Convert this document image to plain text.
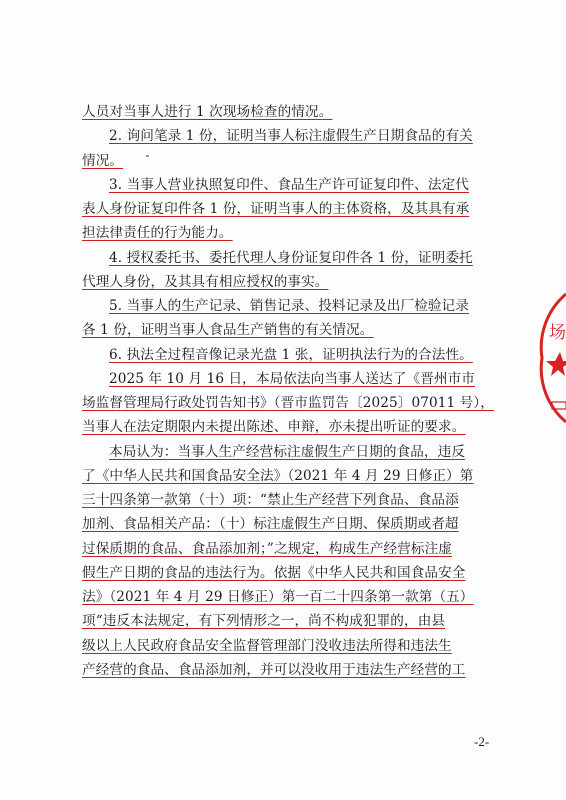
人员对当事人进行 1 次现场检查的情况。
2. 询问笔录 1 份，证明当事人标注虚假生产日期食品的有关
情况。
3. 当事人营业执照复印件、食品生产许可证复印件、法定代
表人身份证复印件各 1 份，证明当事人的主体资格，及其具有承
担法律责任的行为能力。
4. 授权委托书、委托代理人身份证复印件各 1 份，证明委托
代理人身份，及其具有相应授权的事实。
5. 当事人的生产记录、销售记录、投料记录及出厂检验记录
各 1 份，证明当事人食品生产销售的有关情况。
6. 执法全过程音像记录光盘 1 张，证明执法行为的合法性。
2025 年 10 月 16 日，本局依法向当事人送达了《晋州市市
场监督管理局行政处罚告知书》（晋市监罚告〔2025〕07011 号），
当事人在法定期限内未提出陈述、申辩，亦未提出听证的要求。
本局认为：当事人生产经营标注虚假生产日期的食品，违反
了《中华人民共和国食品安全法》（2021 年 4 月 29 日修正）第
三十四条第一款第（十）项：“禁止生产经营下列食品、食品添
加剂、食品相关产品：（十）标注虚假生产日期、保质期或者超
过保质期的食品、食品添加剂；”之规定，构成生产经营标注虚
假生产日期的食品的违法行为。依据《中华人民共和国食品安全
法》（2021 年 4 月 29 日修正）第一百二十四条第一款第（五）
项“违反本法规定，有下列情形之一，尚不构成犯罪的，由县
级以上人民政府食品安全监督管理部门没收违法所得和违法生
产经营的食品、食品添加剂，并可以没收用于违法生产经营的工
场
-2-
